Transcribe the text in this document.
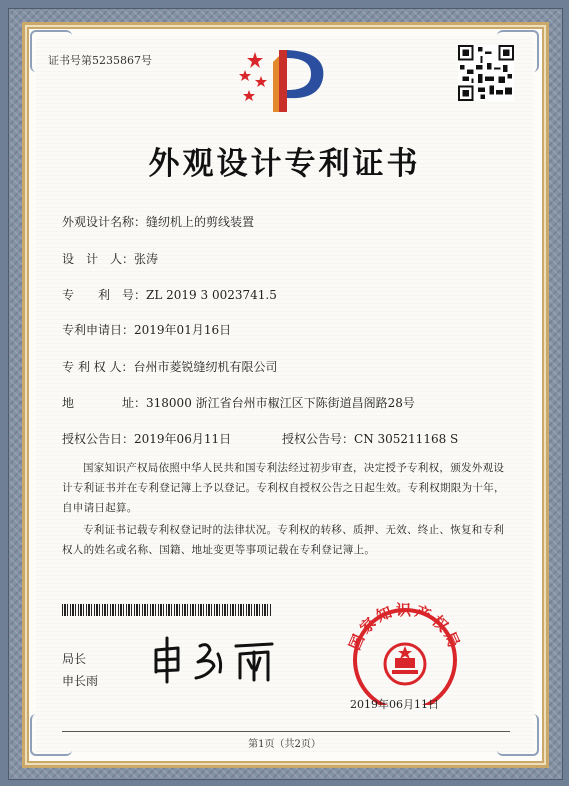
证书号第5235867号
外观设计专利证书
外观设计名称：缝纫机上的剪线装置
设　计　人：张涛
专　　利　号：ZL 2019 3 0023741.5
专利申请日：2019年01月16日
专 利 权 人：台州市菱锐缝纫机有限公司
地　　　　址：318000 浙江省台州市椒江区下陈街道昌阁路28号
授权公告日：2019年06月11日	授权公告号：CN 305211168 S
国家知识产权局依照中华人民共和国专利法经过初步审查，决定授予专利权，颁发外观设计专利证书并在专利登记簿上予以登记。专利权自授权公告之日起生效。专利权期限为十年，自申请日起算。
专利证书记载专利权登记时的法律状况。专利权的转移、质押、无效、终止、恢复和专利权人的姓名或名称、国籍、地址变更等事项记载在专利登记簿上。
局长
申长雨
国家知识产权局
2019年06月11日
第1页（共2页）
